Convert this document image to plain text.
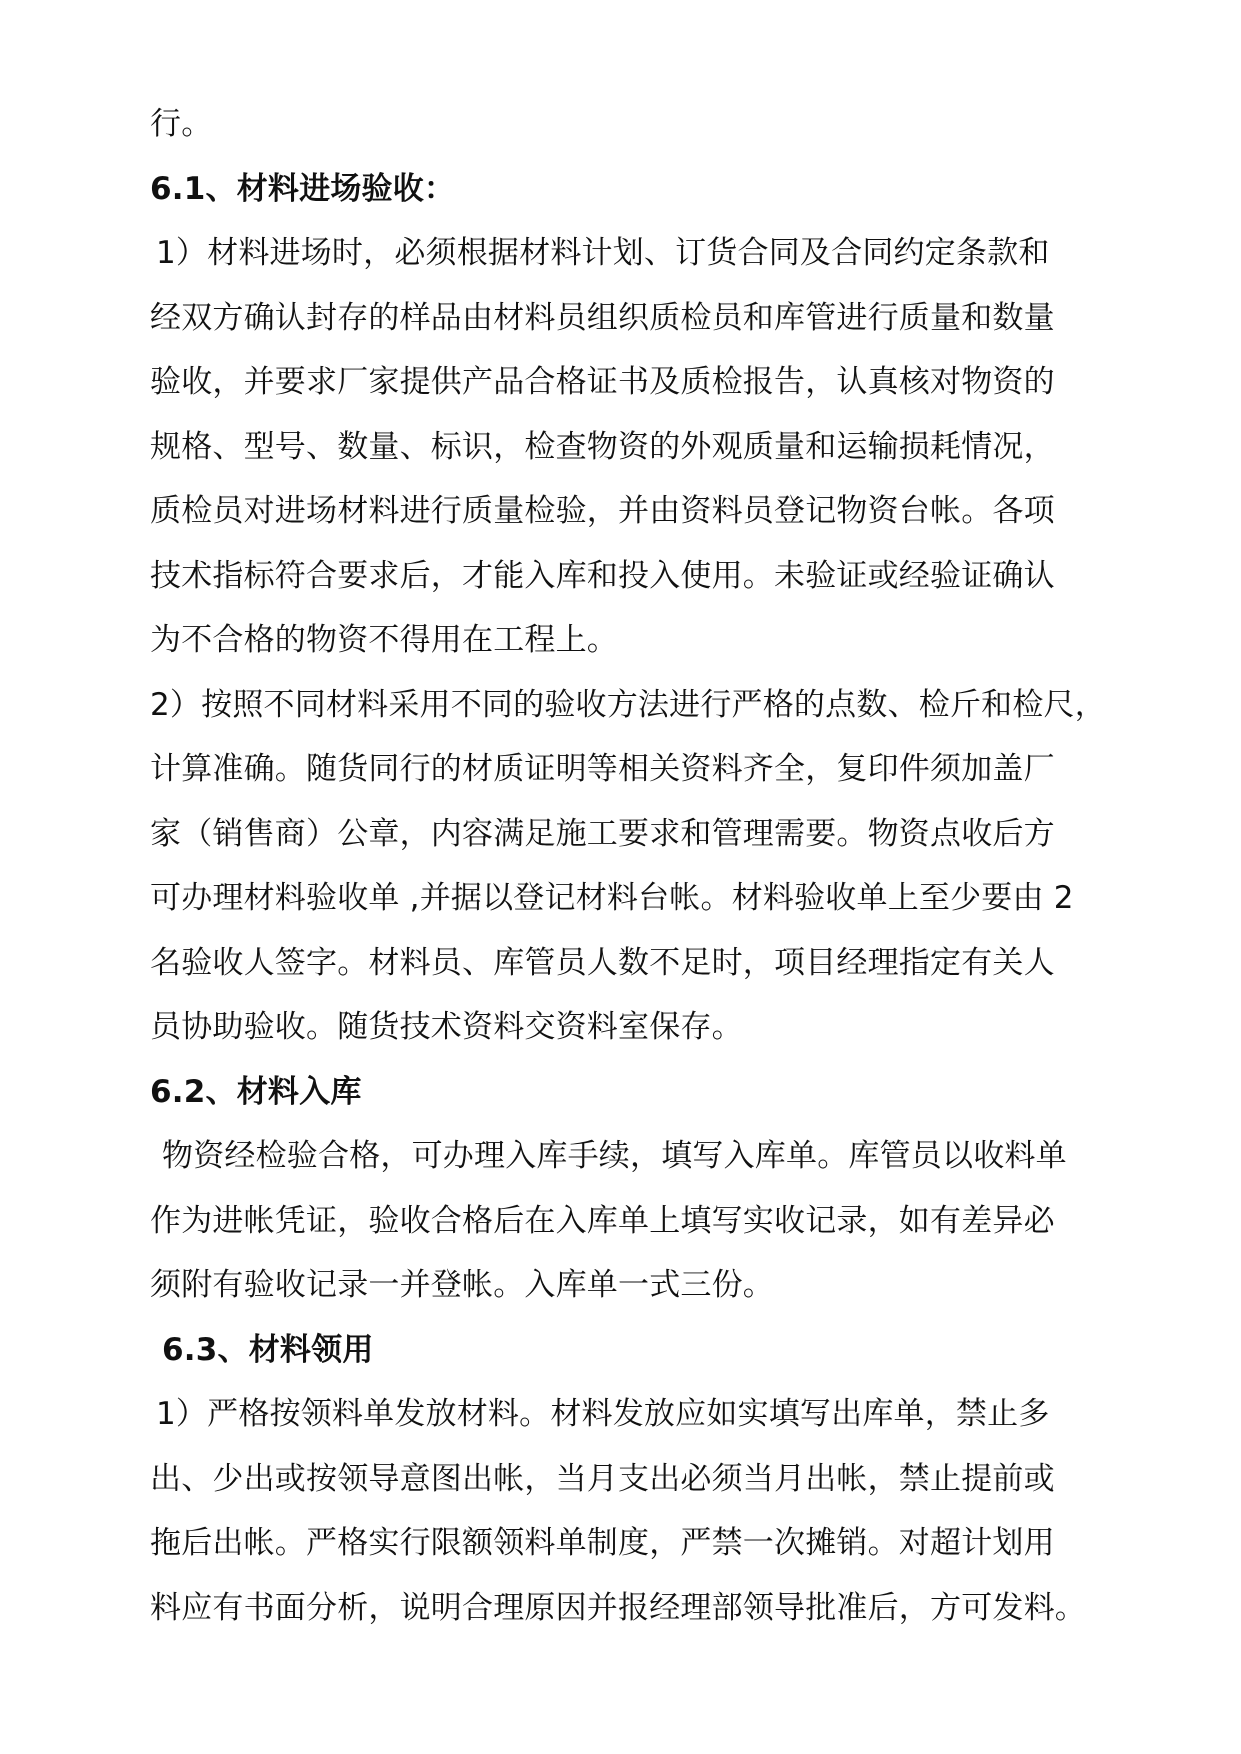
行。
6.1、材料进场验收：
1）材料进场时，必须根据材料计划、订货合同及合同约定条款和
经双方确认封存的样品由材料员组织质检员和库管进行质量和数量
验收，并要求厂家提供产品合格证书及质检报告，认真核对物资的
规格、型号、数量、标识，检查物资的外观质量和运输损耗情况，
质检员对进场材料进行质量检验，并由资料员登记物资台帐。各项
技术指标符合要求后，才能入库和投入使用。未验证或经验证确认
为不合格的物资不得用在工程上。
2）按照不同材料采用不同的验收方法进行严格的点数、检斤和检尺，
计算准确。随货同行的材质证明等相关资料齐全，复印件须加盖厂
家（销售商）公章，内容满足施工要求和管理需要。物资点收后方
可办理材料验收单 ,并据以登记材料台帐。材料验收单上至少要由 2
名验收人签字。材料员、库管员人数不足时，项目经理指定有关人
员协助验收。随货技术资料交资料室保存。
6.2、材料入库
物资经检验合格，可办理入库手续，填写入库单。库管员以收料单
作为进帐凭证，验收合格后在入库单上填写实收记录，如有差异必
须附有验收记录一并登帐。入库单一式三份。
6.3、材料领用
1）严格按领料单发放材料。材料发放应如实填写出库单，禁止多
出、少出或按领导意图出帐，当月支出必须当月出帐，禁止提前或
拖后出帐。严格实行限额领料单制度，严禁一次摊销。对超计划用
料应有书面分析，说明合理原因并报经理部领导批准后，方可发料。
